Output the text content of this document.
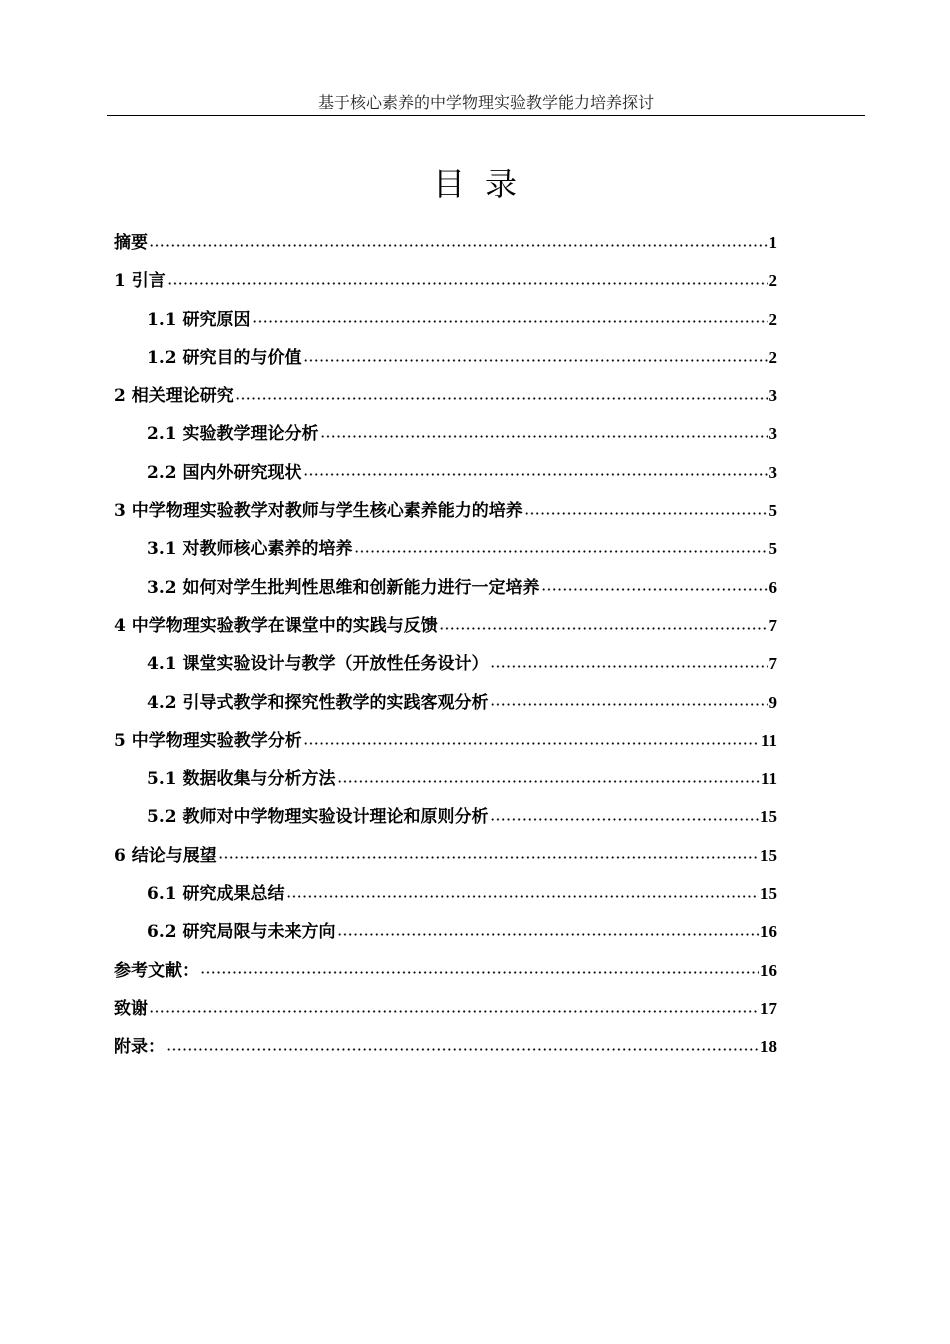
基于核心素养的中学物理实验教学能力培养探讨
目录
摘要	1
1 引言	2
1.1 研究原因	2
1.2 研究目的与价值	2
2 相关理论研究	3
2.1 实验教学理论分析	3
2.2 国内外研究现状	3
3 中学物理实验教学对教师与学生核心素养能力的培养	5
3.1 对教师核心素养的培养	5
3.2 如何对学生批判性思维和创新能力进行一定培养	6
4 中学物理实验教学在课堂中的实践与反馈	7
4.1 课堂实验设计与教学（开放性任务设计）	7
4.2 引导式教学和探究性教学的实践客观分析	9
5 中学物理实验教学分析	11
5.1 数据收集与分析方法	11
5.2 教师对中学物理实验设计理论和原则分析	15
6 结论与展望	15
6.1 研究成果总结	15
6.2 研究局限与未来方向	16
参考文献：	16
致谢	17
附录：	18
